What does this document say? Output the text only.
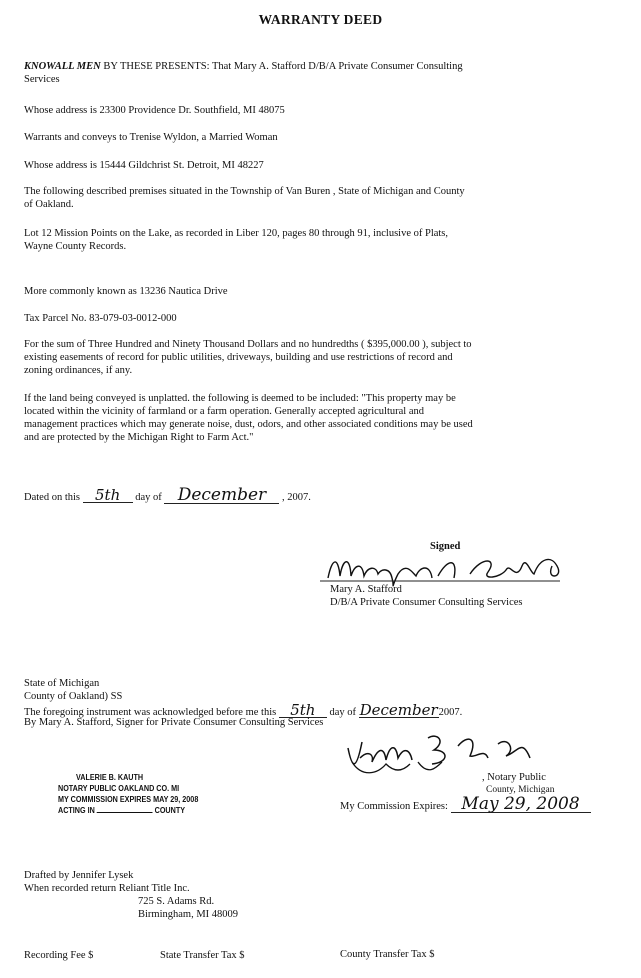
WARRANTY DEED
KNOWALL MEN BY THESE PRESENTS: That Mary A. Stafford D/B/A Private Consumer Consulting
Services
Whose address is 23300 Providence Dr. Southfield, MI 48075
Warrants and conveys to Trenise Wyldon, a Married Woman
Whose address is 15444 Gildchrist St. Detroit, MI 48227
The following described premises situated in the Township of Van Buren , State of Michigan and County
of Oakland.
Lot 12 Mission Points on the Lake, as recorded in Liber 120, pages 80 through 91, inclusive of Plats,
Wayne County Records.
More commonly known as 13236 Nautica Drive
Tax Parcel No. 83-079-03-0012-000
For the sum of Three Hundred and Ninety Thousand Dollars and no hundredths ( $395,000.00 ), subject to
existing easements of record for public utilities, driveways, building and use restrictions of record and
zoning ordinances, if any.
If the land being conveyed is unplatted. the following is deemed to be included: "This property may be
located within the vicinity of farmland or a farm operation. Generally accepted agricultural and
management practices which may generate noise, dust, odors, and other associated conditions may be used
and are protected by the Michigan Right to Farm Act."
Dated on this 5th day of December , 2007.
Signed
Mary A. Stafford
D/B/A Private Consumer Consulting Services
State of Michigan
County of Oakland) SS
The foregoing instrument was acknowledged before me this 5th day of December2007.
By Mary A. Stafford, Signer for Private Consumer Consulting Services
, Notary Public
County, Michigan
My Commission Expires: May 29, 2008
VALERIE B. KAUTH
NOTARY PUBLIC OAKLAND CO. MI
MY COMMISSION EXPIRES MAY 29, 2008
ACTING IN	COUNTY
Drafted by Jennifer Lysek
When recorded return Reliant Title Inc.
725 S. Adams Rd.
Birmingham, MI 48009
Recording Fee $	State Transfer Tax $	County Transfer Tax $
